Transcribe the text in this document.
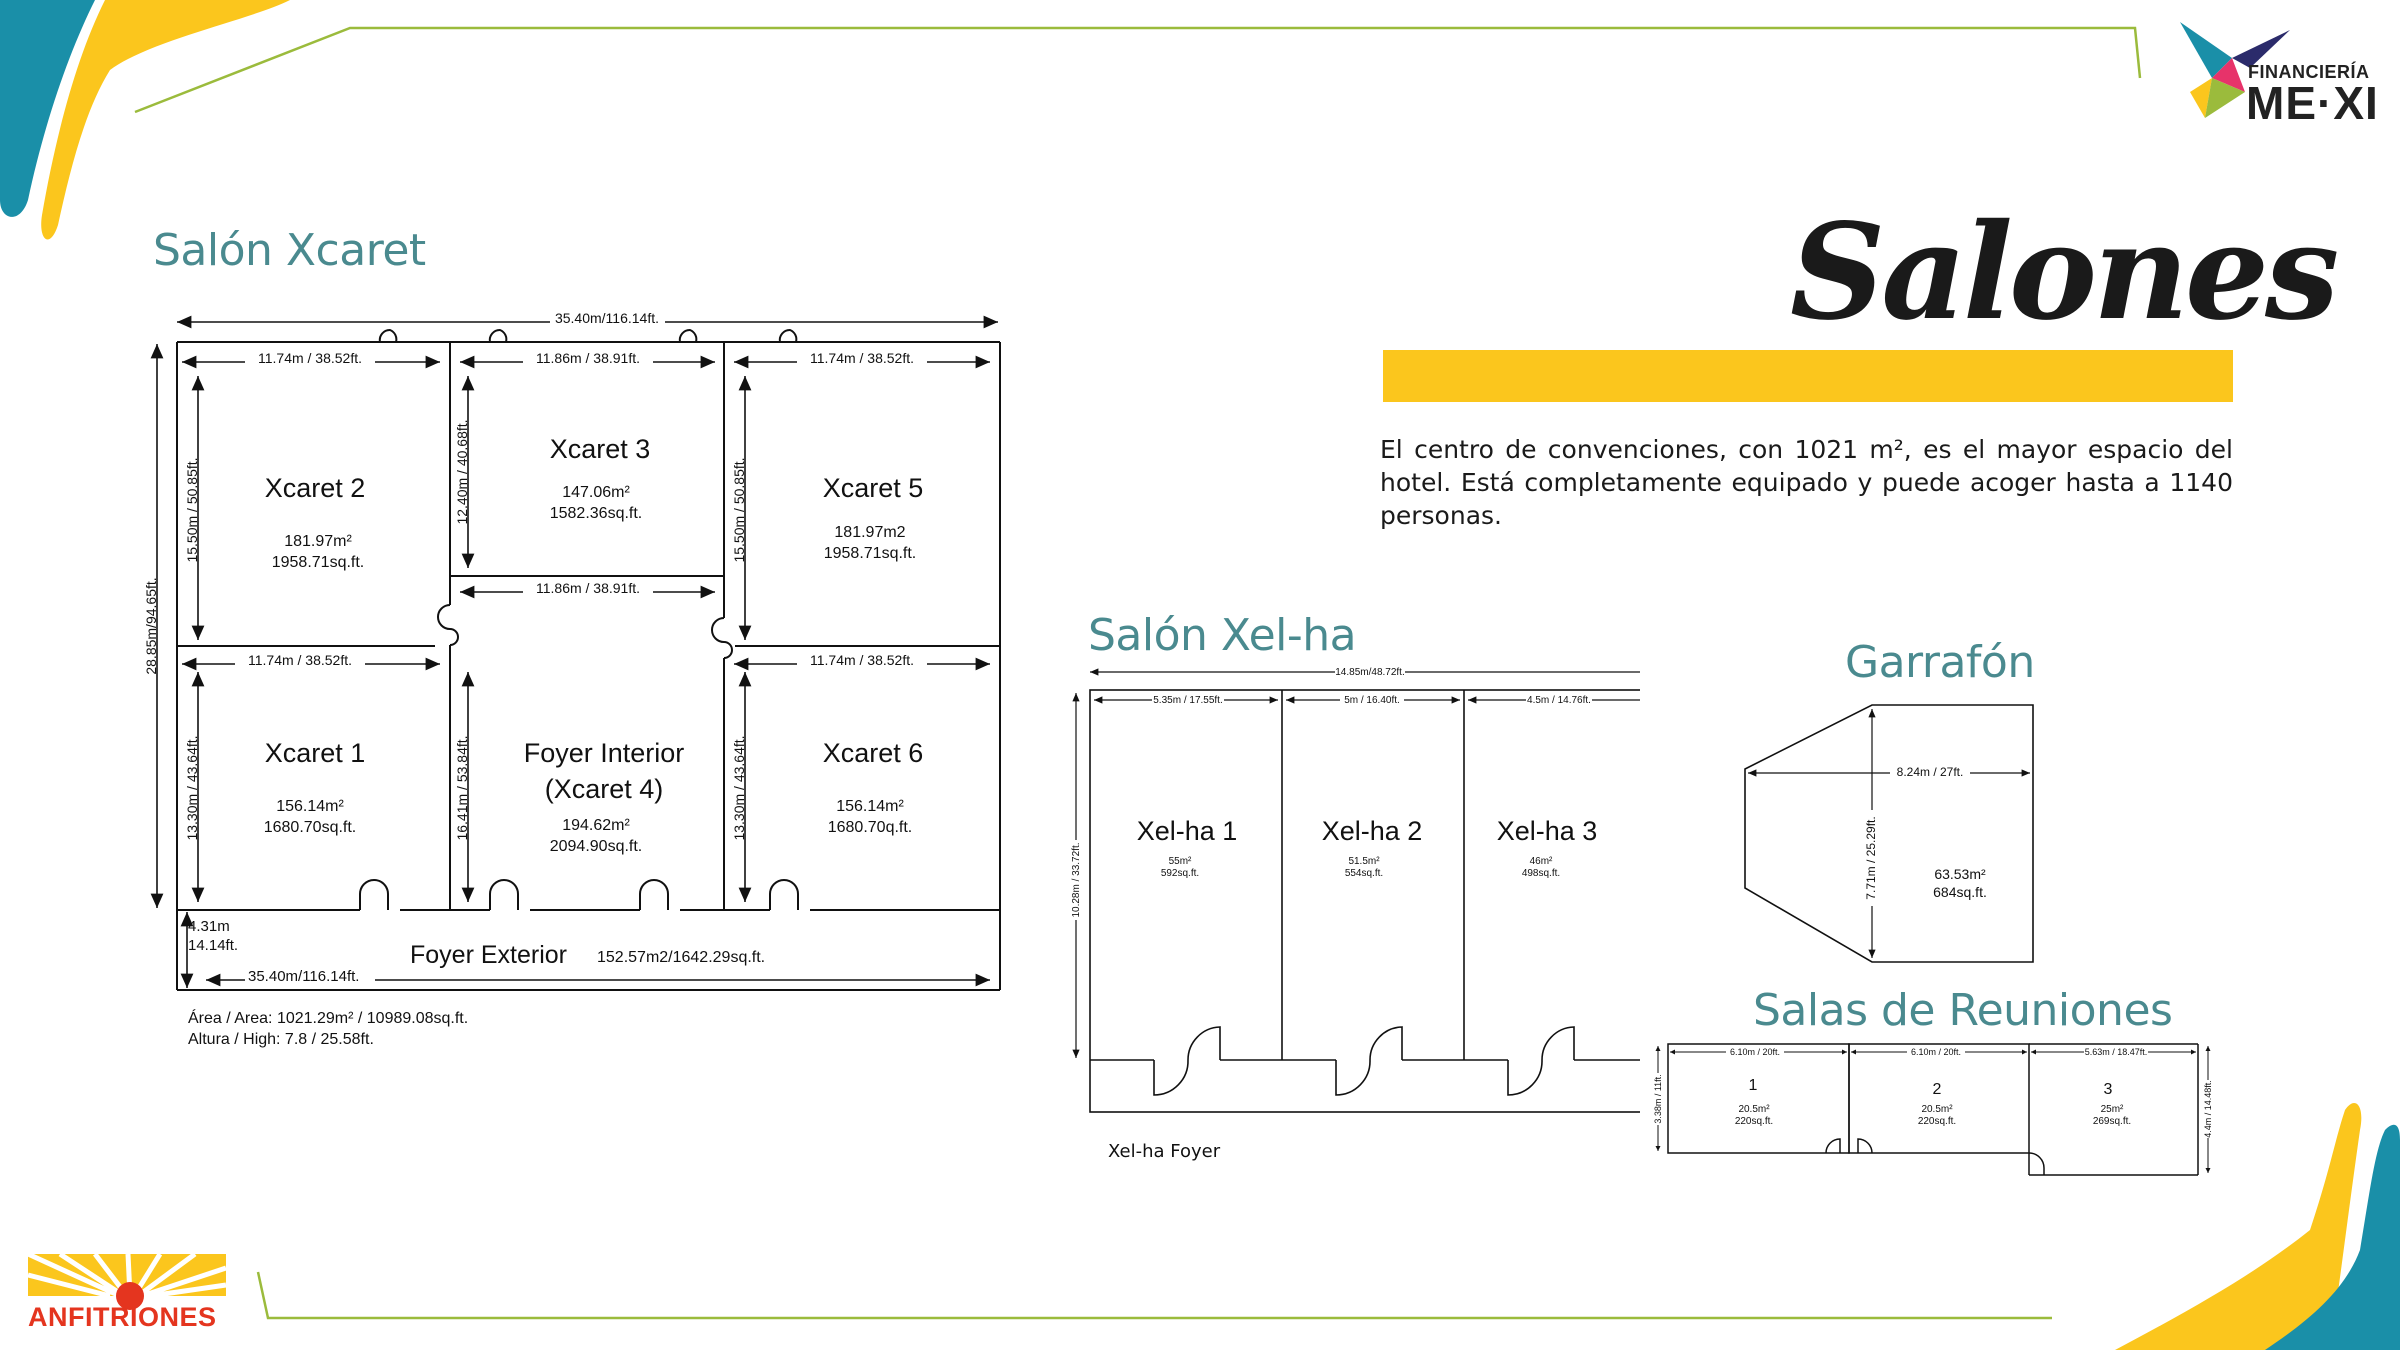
FINANCIERÍA
ME·XI
ANFITRIONES
Salones
El centro de convenciones, con 1021 m², es el mayor espacio del hotel. Está completamente equipado y puede acoger hasta a 1140 personas.
Salón Xcaret
Salón Xel-ha
Garrafón
Salas de Reuniones
35.40m/116.14ft.
11.74m / 38.52ft.	11.86m / 38.91ft.	11.74m / 38.52ft.
11.86m / 38.91ft.
11.74m / 38.52ft.	11.74m / 38.52ft.
28.85m/94.65ft.
15.50m / 50.85ft.	12.40m / 40.68ft.	15.50m / 50.85ft.
13.30m / 43.64ft.	16.41m / 53.84ft.	13.30m / 43.64ft.
Xcaret 2
181.97m²
1958.71sq.ft.
Xcaret 3
147.06m²
1582.36sq.ft.
Xcaret 5
181.97m2
1958.71sq.ft.
Xcaret 1
156.14m²
1680.70sq.ft.
Foyer Interior
(Xcaret 4)
194.62m²
2094.90sq.ft.
Xcaret 6
156.14m²
1680.70q.ft.
Foyer Exterior 152.57m2/1642.29sq.ft.
4.31m
14.14ft.
35.40m/116.14ft.
Área / Area: 1021.29m² / 10989.08sq.ft.
Altura / High: 7.8 / 25.58ft.
14.85m/48.72ft.
5.35m / 17.55ft.	5m / 16.40ft.	4.5m / 14.76ft.
10.28m / 33.72ft.
Xel-ha 1
55m²
592sq.ft.
Xel-ha 2
51.5m²
554sq.ft.
Xel-ha 3
46m²
498sq.ft.
Xel-ha Foyer
8.24m / 27ft.
7.71m / 25.29ft.	63.53m²
684sq.ft.
6.10m / 20ft.	6.10m / 20ft.	5.63m / 18.47ft.
3.38m / 11ft.	4.4m / 14.48ft.
1
20.5m²
220sq.ft.
2
20.5m²
220sq.ft.
3
25m²
269sq.ft.
